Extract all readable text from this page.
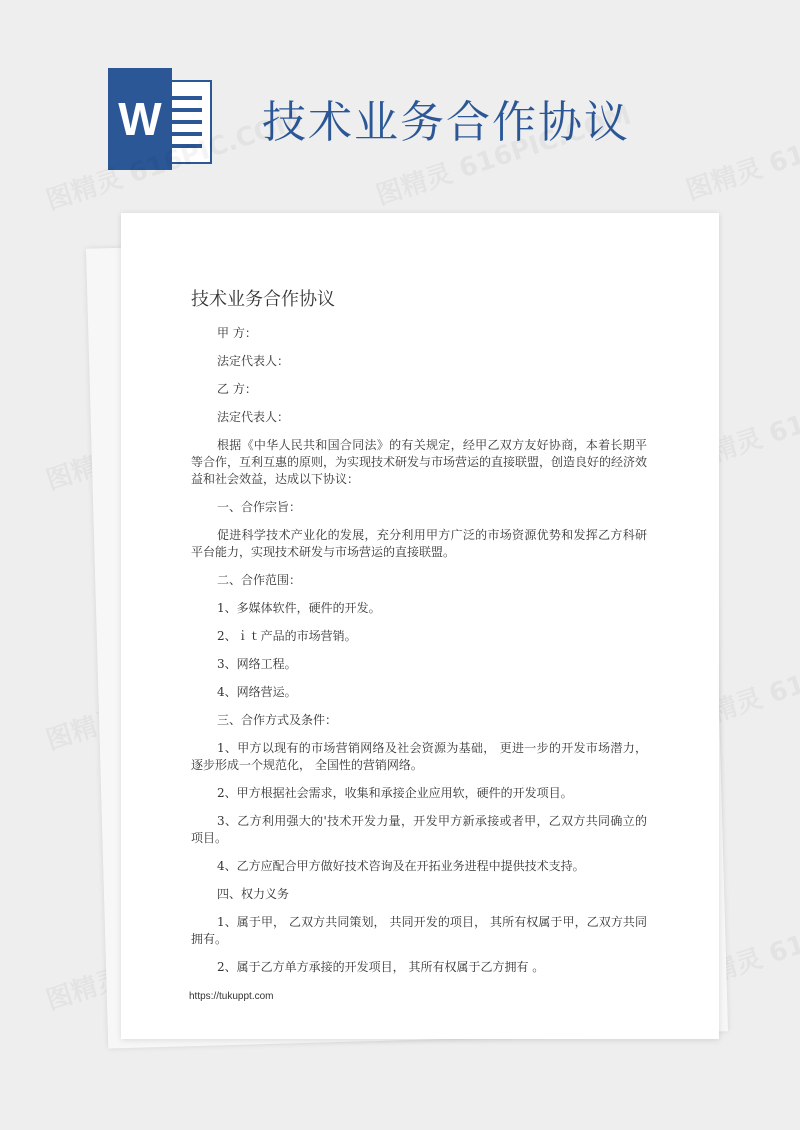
W 技术业务合作协议
技术业务合作协议

甲 方：

法定代表人：

乙 方：

法定代表人：

根据《中华人民共和国合同法》的有关规定，经甲乙双方友好协商，本着长期平等合作，互利互惠的原则，为实现技术研发与市场营运的直接联盟，创造良好的经济效益和社会效益，达成以下协议：

一、合作宗旨：

促进科学技术产业化的发展，充分利用甲方广泛的市场资源优势和发挥乙方科研平台能力，实现技术研发与市场营运的直接联盟。

二、合作范围：

1、多媒体软件，硬件的开发。

2、ｉｔ产品的市场营销。

3、网络工程。

4、网络营运。

三、合作方式及条件：

1、甲方以现有的市场营销网络及社会资源为基础， 更进一步的开发市场潜力， 逐步形成一个规范化， 全国性的营销网络。

2、甲方根据社会需求，收集和承接企业应用软，硬件的开发项目。

3、乙方利用强大的'技术开发力量，开发甲方新承接或者甲，乙双方共同确立的项目。

4、乙方应配合甲方做好技术咨询及在开拓业务进程中提供技术支持。

四、权力义务

1、属于甲， 乙双方共同策划， 共同开发的项目， 其所有权属于甲，乙双方共同拥有。

2、属于乙方单方承接的开发项目， 其所有权属于乙方拥有 。

https://tukuppt.com
